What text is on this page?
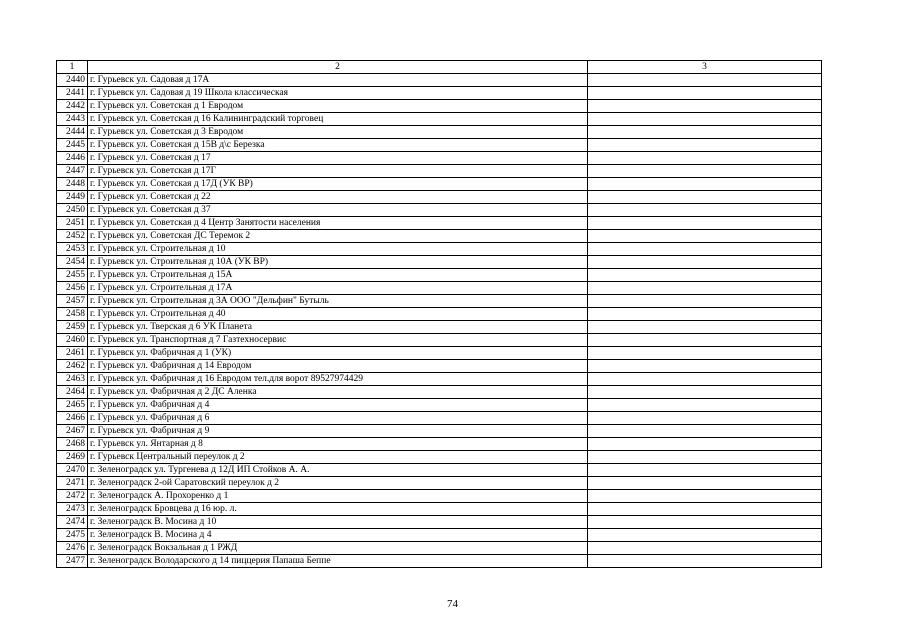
1	2	3
2440	г. Гурьевск ул. Садовая д 17А	
2441	г. Гурьевск ул. Садовая д 19 Школа классическая	
2442	г. Гурьевск ул. Советская д 1 Евродом	
2443	г. Гурьевск ул. Советская д 16 Калининградский торговец	
2444	г. Гурьевск ул. Советская д 3 Евродом	
2445	г. Гурьевск ул. Советская д 15В д\с Березка	
2446	г. Гурьевск ул. Советская д 17	
2447	г. Гурьевск ул. Советская д 17Г	
2448	г. Гурьевск ул. Советская д 17Д (УК ВР)	
2449	г. Гурьевск ул. Советская д 22	
2450	г. Гурьевск ул. Советская д 37	
2451	г. Гурьевск ул. Советская д 4 Центр Занятости населения	
2452	г. Гурьевск ул. Советская ДС Теремок 2	
2453	г. Гурьевск ул. Строительная д 10	
2454	г. Гурьевск ул. Строительная д 10А (УК ВР)	
2455	г. Гурьевск ул. Строительная д 15А	
2456	г. Гурьевск ул. Строительная д 17А	
2457	г. Гурьевск ул. Строительная д 3А ООО "Дельфин" Бутыль	
2458	г. Гурьевск ул. Строительная д 40	
2459	г. Гурьевск ул. Тверская д 6 УК Планета	
2460	г. Гурьевск ул. Транспортная д 7 Газтехносервис	
2461	г. Гурьевск ул. Фабричная д 1 (УК)	
2462	г. Гурьевск ул. Фабричная д 14 Евродом	
2463	г. Гурьевск ул. Фабричная д 16 Евродом тел.для ворот 89527974429	
2464	г. Гурьевск ул. Фабричная д 2 ДС Аленка	
2465	г. Гурьевск ул. Фабричная д 4	
2466	г. Гурьевск ул. Фабричная д 6	
2467	г. Гурьевск ул. Фабричная д 9	
2468	г. Гурьевск ул. Янтарная д 8	
2469	г. Гурьевск Центральный переулок д 2	
2470	г. Зеленоградск ул. Тургенева д 12Д ИП Стойков А. А.	
2471	г. Зеленоградск 2-ой Саратовский переулок д 2	
2472	г. Зеленоградск А. Прохоренко д 1	
2473	г. Зеленоградск Бровцева д 16 юр. л.	
2474	г. Зеленоградск В. Мосина д 10	
2475	г. Зеленоградск В. Мосина д 4	
2476	г. Зеленоградск Вокзальная д 1 РЖД	
2477	г. Зеленоградск Володарского д 14 пиццерия Папаша Беппе	
74
